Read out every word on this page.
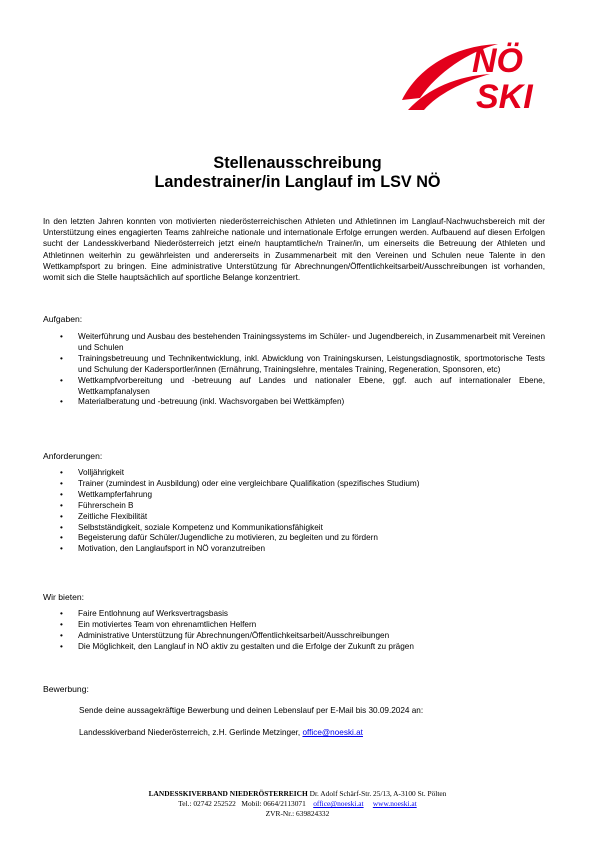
NÖ
SKI
Stellenausschreibung
Landestrainer/in Langlauf im LSV NÖ
In den letzten Jahren konnten von motivierten niederösterreichischen Athleten und Athletinnen im Langlauf-Nachwuchsbereich mit der Unterstützung eines engagierten Teams zahlreiche nationale und internationale Erfolge errungen werden. Aufbauend auf diesen Erfolgen sucht der Landesskiverband Niederösterreich jetzt eine/n hauptamtliche/n Trainer/in, um einerseits die Betreuung der Athleten und Athletinnen weiterhin zu gewährleisten und andererseits in Zusammenarbeit mit den Vereinen und Schulen neue Talente in den Wettkampfsport zu bringen. Eine administrative Unterstützung für Abrechnungen/Öffentlichkeitsarbeit/Ausschreibungen ist vorhanden, womit sich die Stelle hauptsächlich auf sportliche Belange konzentriert.
Aufgaben:
• Weiterführung und Ausbau des bestehenden Trainingssystems im Schüler- und Jugendbereich, in Zusammenarbeit mit Vereinen und Schulen
• Trainingsbetreuung und Technikentwicklung, inkl. Abwicklung von Trainingskursen, Leistungsdiagnostik, sportmotorische Tests und Schulung der Kadersportler/innen (Ernährung, Trainingslehre, mentales Training, Regeneration, Sponsoren, etc)
• Wettkampfvorbereitung und -betreuung auf Landes und nationaler Ebene, ggf. auch auf internationaler Ebene, Wettkampfanalysen
• Materialberatung und -betreuung (inkl. Wachsvorgaben bei Wettkämpfen)
Anforderungen:
• Volljährigkeit
• Trainer (zumindest in Ausbildung) oder eine vergleichbare Qualifikation (spezifisches Studium)
• Wettkampferfahrung
• Führerschein B
• Zeitliche Flexibilität
• Selbstständigkeit, soziale Kompetenz und Kommunikationsfähigkeit
• Begeisterung dafür Schüler/Jugendliche zu motivieren, zu begleiten und zu fördern
• Motivation, den Langlaufsport in NÖ voranzutreiben
Wir bieten:
• Faire Entlohnung auf Werksvertragsbasis
• Ein motiviertes Team von ehrenamtlichen Helfern
• Administrative Unterstützung für Abrechnungen/Öffentlichkeitsarbeit/Ausschreibungen
• Die Möglichkeit, den Langlauf in NÖ aktiv zu gestalten und die Erfolge der Zukunft zu prägen
Bewerbung:
Sende deine aussagekräftige Bewerbung und deinen Lebenslauf per E-Mail bis 30.09.2024 an:
Landesskiverband Niederösterreich, z.H. Gerlinde Metzinger, office@noeski.at
LANDESSKIVERBAND NIEDERÖSTERREICH Dr. Adolf Schärf-Str. 25/13, A-3100 St. Pölten
Tel.: 02742 252522 Mobil: 0664/2113071 office@noeski.at www.noeski.at
ZVR-Nr.: 639824332
